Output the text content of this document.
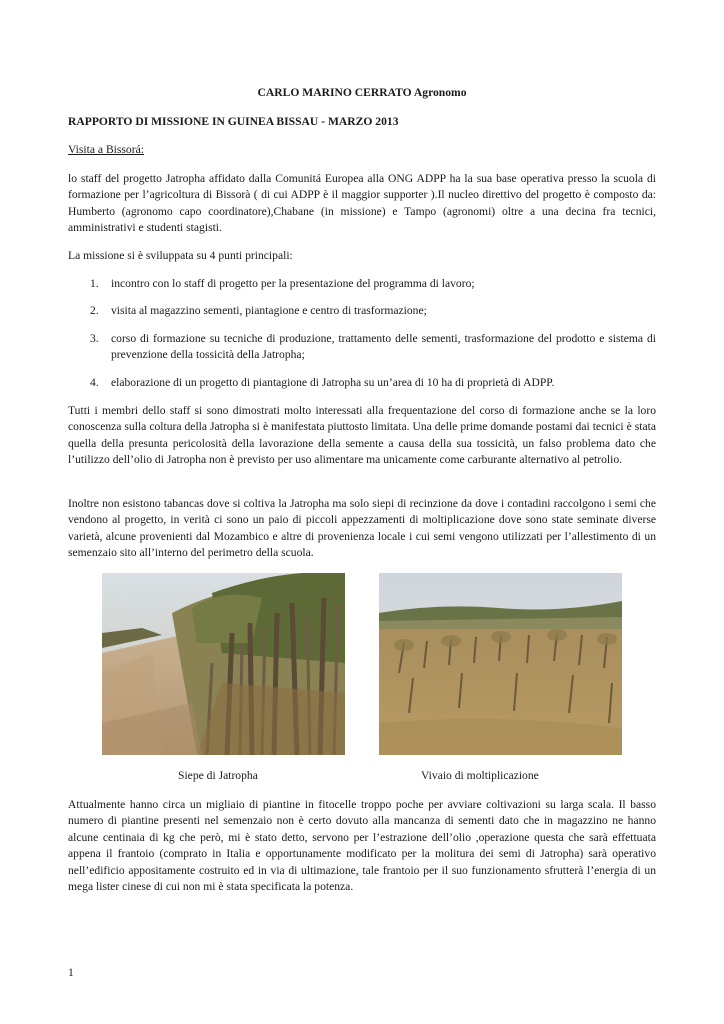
CARLO MARINO CERRATO Agronomo
RAPPORTO DI MISSIONE IN GUINEA BISSAU - MARZO 2013
Visita a Bissorá:
lo staff del progetto Jatropha affidato dalla Comunitá Europea alla ONG ADPP ha la sua base operativa presso la scuola di formazione per l’agricoltura di Bissorà ( di cui ADPP è il maggior supporter ).Il nucleo direttivo del progetto è composto da: Humberto (agronomo capo coordinatore),Chabane (in missione) e Tampo (agronomi) oltre a una decina fra tecnici, amministrativi e studenti stagisti.
La missione si è sviluppata su 4 punti principali:
1. incontro con lo staff di progetto per la presentazione del programma di lavoro;
2. visita al magazzino sementi, piantagione e centro di trasformazione;
3. corso di formazione su tecniche di produzione, trattamento delle sementi, trasformazione del prodotto e sistema di prevenzione della tossicità della Jatropha;
4. elaborazione di un progetto di piantagione di Jatropha su un’area di 10 ha di proprietà di ADPP.
Tutti i membri dello staff si sono dimostrati molto interessati alla frequentazione del corso di formazione anche se la loro conoscenza sulla coltura della Jatropha si è manifestata piuttosto limitata. Una delle prime domande postami dai tecnici è stata quella della presunta pericolosità della lavorazione della semente a causa della sua tossicità, un falso problema dato che l’utilizzo dell’olio di Jatropha non è previsto per uso alimentare ma unicamente come carburante alternativo al petrolio.
Inoltre non esistono tabancas dove si coltiva la Jatropha ma solo siepi di recinzione da dove i contadini raccolgono i semi che vendono al progetto, in verità ci sono un paio di piccoli appezzamenti di moltiplicazione dove sono state seminate diverse varietà, alcune provenienti dal Mozambico e altre di provenienza locale i cui semi vengono utilizzati per l’allestimento di un semenzaio sito all’interno del perimetro della scuola.
Siepe di Jatropha	Vivaio di moltiplicazione
Attualmente hanno circa un migliaio di piantine in fitocelle troppo poche per avviare coltivazioni su larga scala. Il basso numero di piantine presenti nel semenzaio non è certo dovuto alla mancanza di sementi dato che in magazzino ne hanno alcune centinaia di kg che però, mi è stato detto, servono per l’estrazione dell’olio ,operazione questa che sarà effettuata appena il frantoio (comprato in Italia e opportunamente modificato per la molitura dei semi di Jatropha) sarà operativo nell’edificio appositamente costruito ed in via di ultimazione, tale frantoio per il suo funzionamento sfrutterà l’energia di un mega lister cinese di cui non mi è stata specificata la potenza.
1
